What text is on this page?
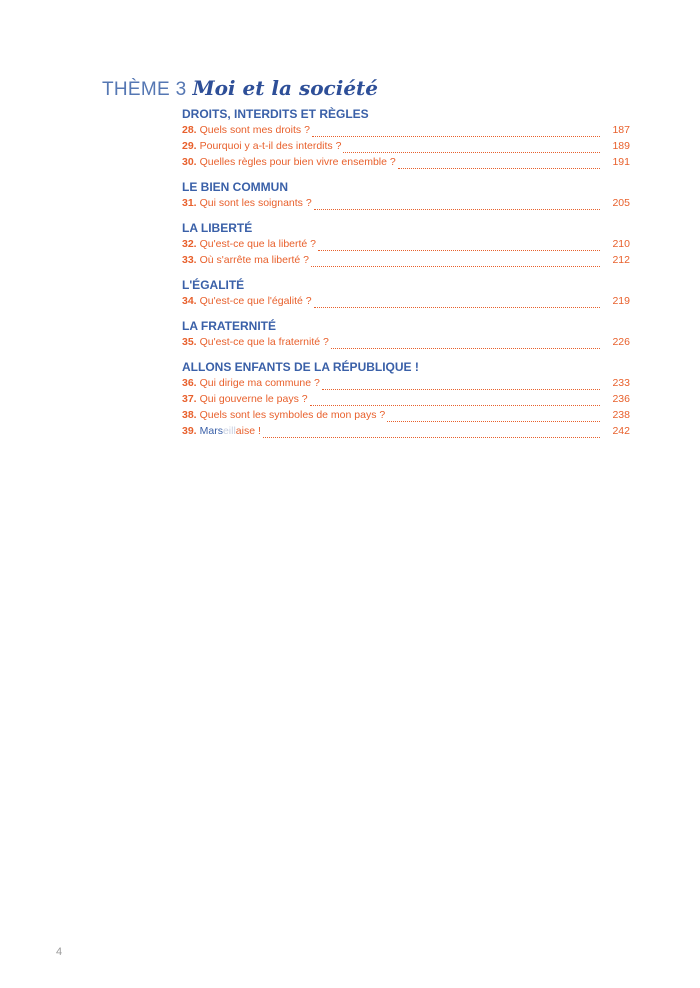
THÈME 3 Moi et la société
DROITS, INTERDITS ET RÈGLES
28. Quels sont mes droits ?	187
29. Pourquoi y a-t-il des interdits ?	189
30. Quelles règles pour bien vivre ensemble ?	191
LE BIEN COMMUN
31. Qui sont les soignants ?	205
LA LIBERTÉ
32. Qu'est-ce que la liberté ?	210
33. Où s'arrête ma liberté ?	212
L'ÉGALITÉ
34. Qu'est-ce que l'égalité ?	219
LA FRATERNITÉ
35. Qu'est-ce que la fraternité ?	226
ALLONS ENFANTS DE LA RÉPUBLIQUE !
36. Qui dirige ma commune ?	233
37. Qui gouverne le pays ?	236
38. Quels sont les symboles de mon pays ?	238
39. Marseillaise !	242
4
